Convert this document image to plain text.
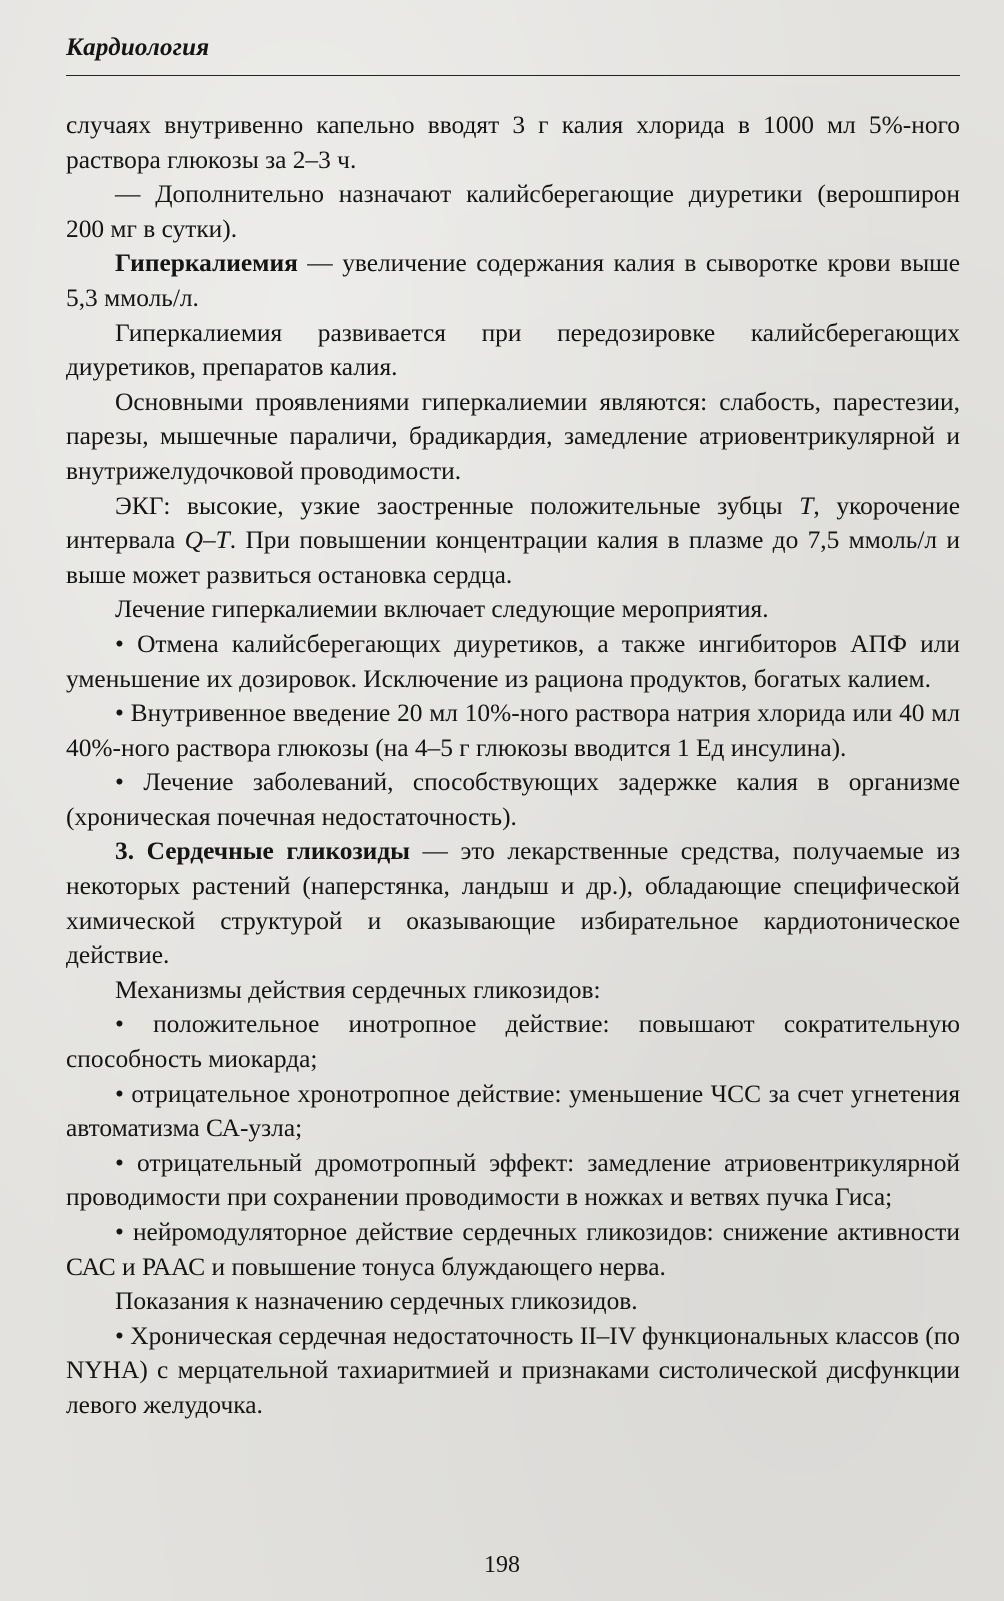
Кардиология

случаях внутривенно капельно вводят 3 г калия хлорида в 1000 мл 5%-ного раствора глюкозы за 2–3 ч.

— Дополнительно назначают калийсберегающие диуретики (верошпирон 200 мг в сутки).

Гиперкалиемия — увеличение содержания калия в сыворотке крови выше 5,3 ммоль/л.

Гиперкалиемия развивается при передозировке калийсберегающих диуретиков, препаратов калия.

Основными проявлениями гиперкалиемии являются: слабость, парестезии, парезы, мышечные параличи, брадикардия, замедление атриовентрикулярной и внутрижелудочковой проводимости.

ЭКГ: высокие, узкие заостренные положительные зубцы T, укорочение интервала Q–T. При повышении концентрации калия в плазме до 7,5 ммоль/л и выше может развиться остановка сердца.

Лечение гиперкалиемии включает следующие мероприятия.

• Отмена калийсберегающих диуретиков, а также ингибиторов АПФ или уменьшение их дозировок. Исключение из рациона продуктов, богатых калием.

• Внутривенное введение 20 мл 10%-ного раствора натрия хлорида или 40 мл 40%-ного раствора глюкозы (на 4–5 г глюкозы вводится 1 Ед инсулина).

• Лечение заболеваний, способствующих задержке калия в организме (хроническая почечная недостаточность).

3. Сердечные гликозиды — это лекарственные средства, получаемые из некоторых растений (наперстянка, ландыш и др.), обладающие специфической химической структурой и оказывающие избирательное кардиотоническое действие.

Механизмы действия сердечных гликозидов:

• положительное инотропное действие: повышают сократительную способность миокарда;

• отрицательное хронотропное действие: уменьшение ЧСС за счет угнетения автоматизма СА-узла;

• отрицательный дромотропный эффект: замедление атриовентрикулярной проводимости при сохранении проводимости в ножках и ветвях пучка Гиса;

• нейромодуляторное действие сердечных гликозидов: снижение активности САС и РААС и повышение тонуса блуждающего нерва.

Показания к назначению сердечных гликозидов.

• Хроническая сердечная недостаточность II–IV функциональных классов (по NYHA) с мерцательной тахиаритмией и признаками систолической дисфункции левого желудочка.

198
